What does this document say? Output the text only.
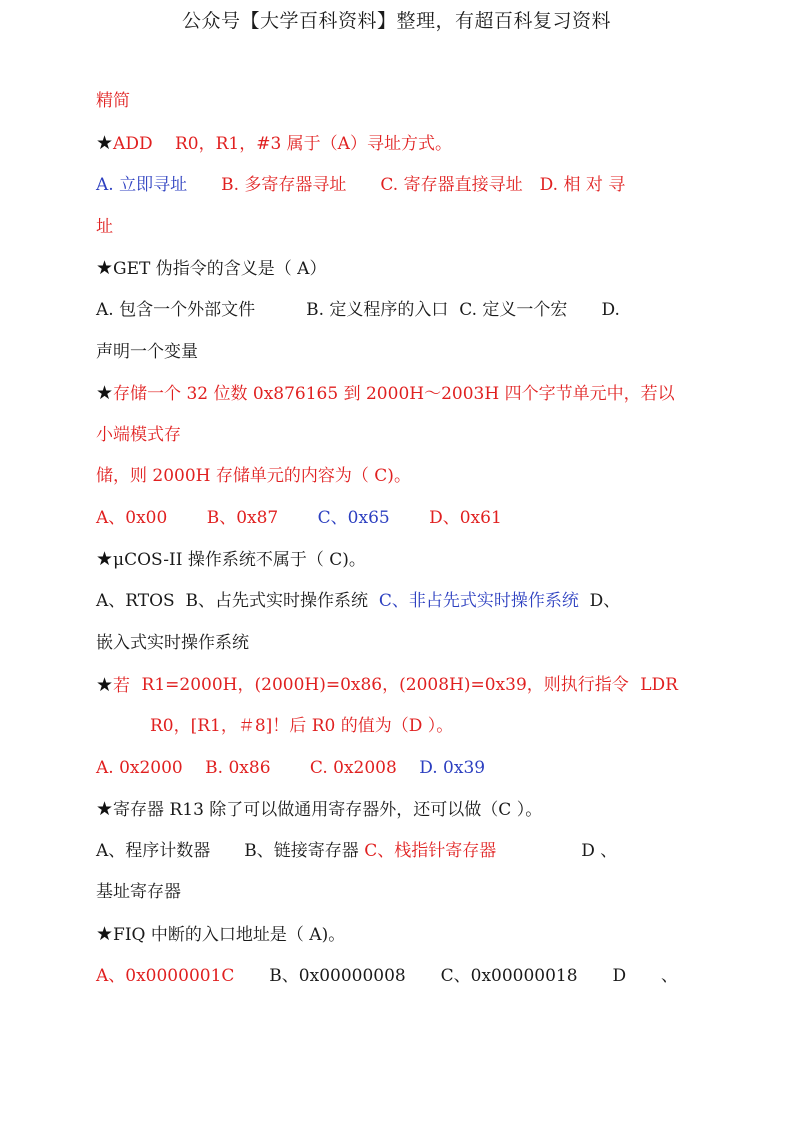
公众号【大学百科资料】整理，有超百科复习资料
精简
★ADD　 R0，R1，#3 属于（A）寻址方式。
A. 立即寻址　　 B. 多寄存器寻址　　 C. 寄存器直接寻址　 D. 相 对 寻
址
★GET 伪指令的含义是（ A）
A. 包含一个外部文件　　　	B. 定义程序的入口 C. 定义一个宏　　 D.
声明一个变量
★存储一个 32 位数 0x876165 到 2000H～2003H 四个字节单元中，若以
小端模式存
储，则 2000H 存储单元的内容为（ C)。
A、0x00　　 B、0x87　　 C、0x65　　 D、0x61
★μCOS-II 操作系统不属于（ C)。
A、RTOS B、占先式实时操作系统 C、非占先式实时操作系统 D、
嵌入式实时操作系统
★若 R1=2000H，(2000H)=0x86，(2008H)=0x39，则执行指令 LDR
R0，[R1，＃8]！后 R0 的值为（D ）。
A. 0x2000　 B. 0x86　　 C. 0x2008　 D. 0x39
★寄存器 R13 除了可以做通用寄存器外，还可以做（C ）。
A、程序计数器　　 B、链接寄存器 C、栈指针寄存器　　　　　	D 、
基址寄存器
★FIQ 中断的入口地址是（ A)。
A、0x0000001C B、0x00000008 C、0x00000018 D 、
